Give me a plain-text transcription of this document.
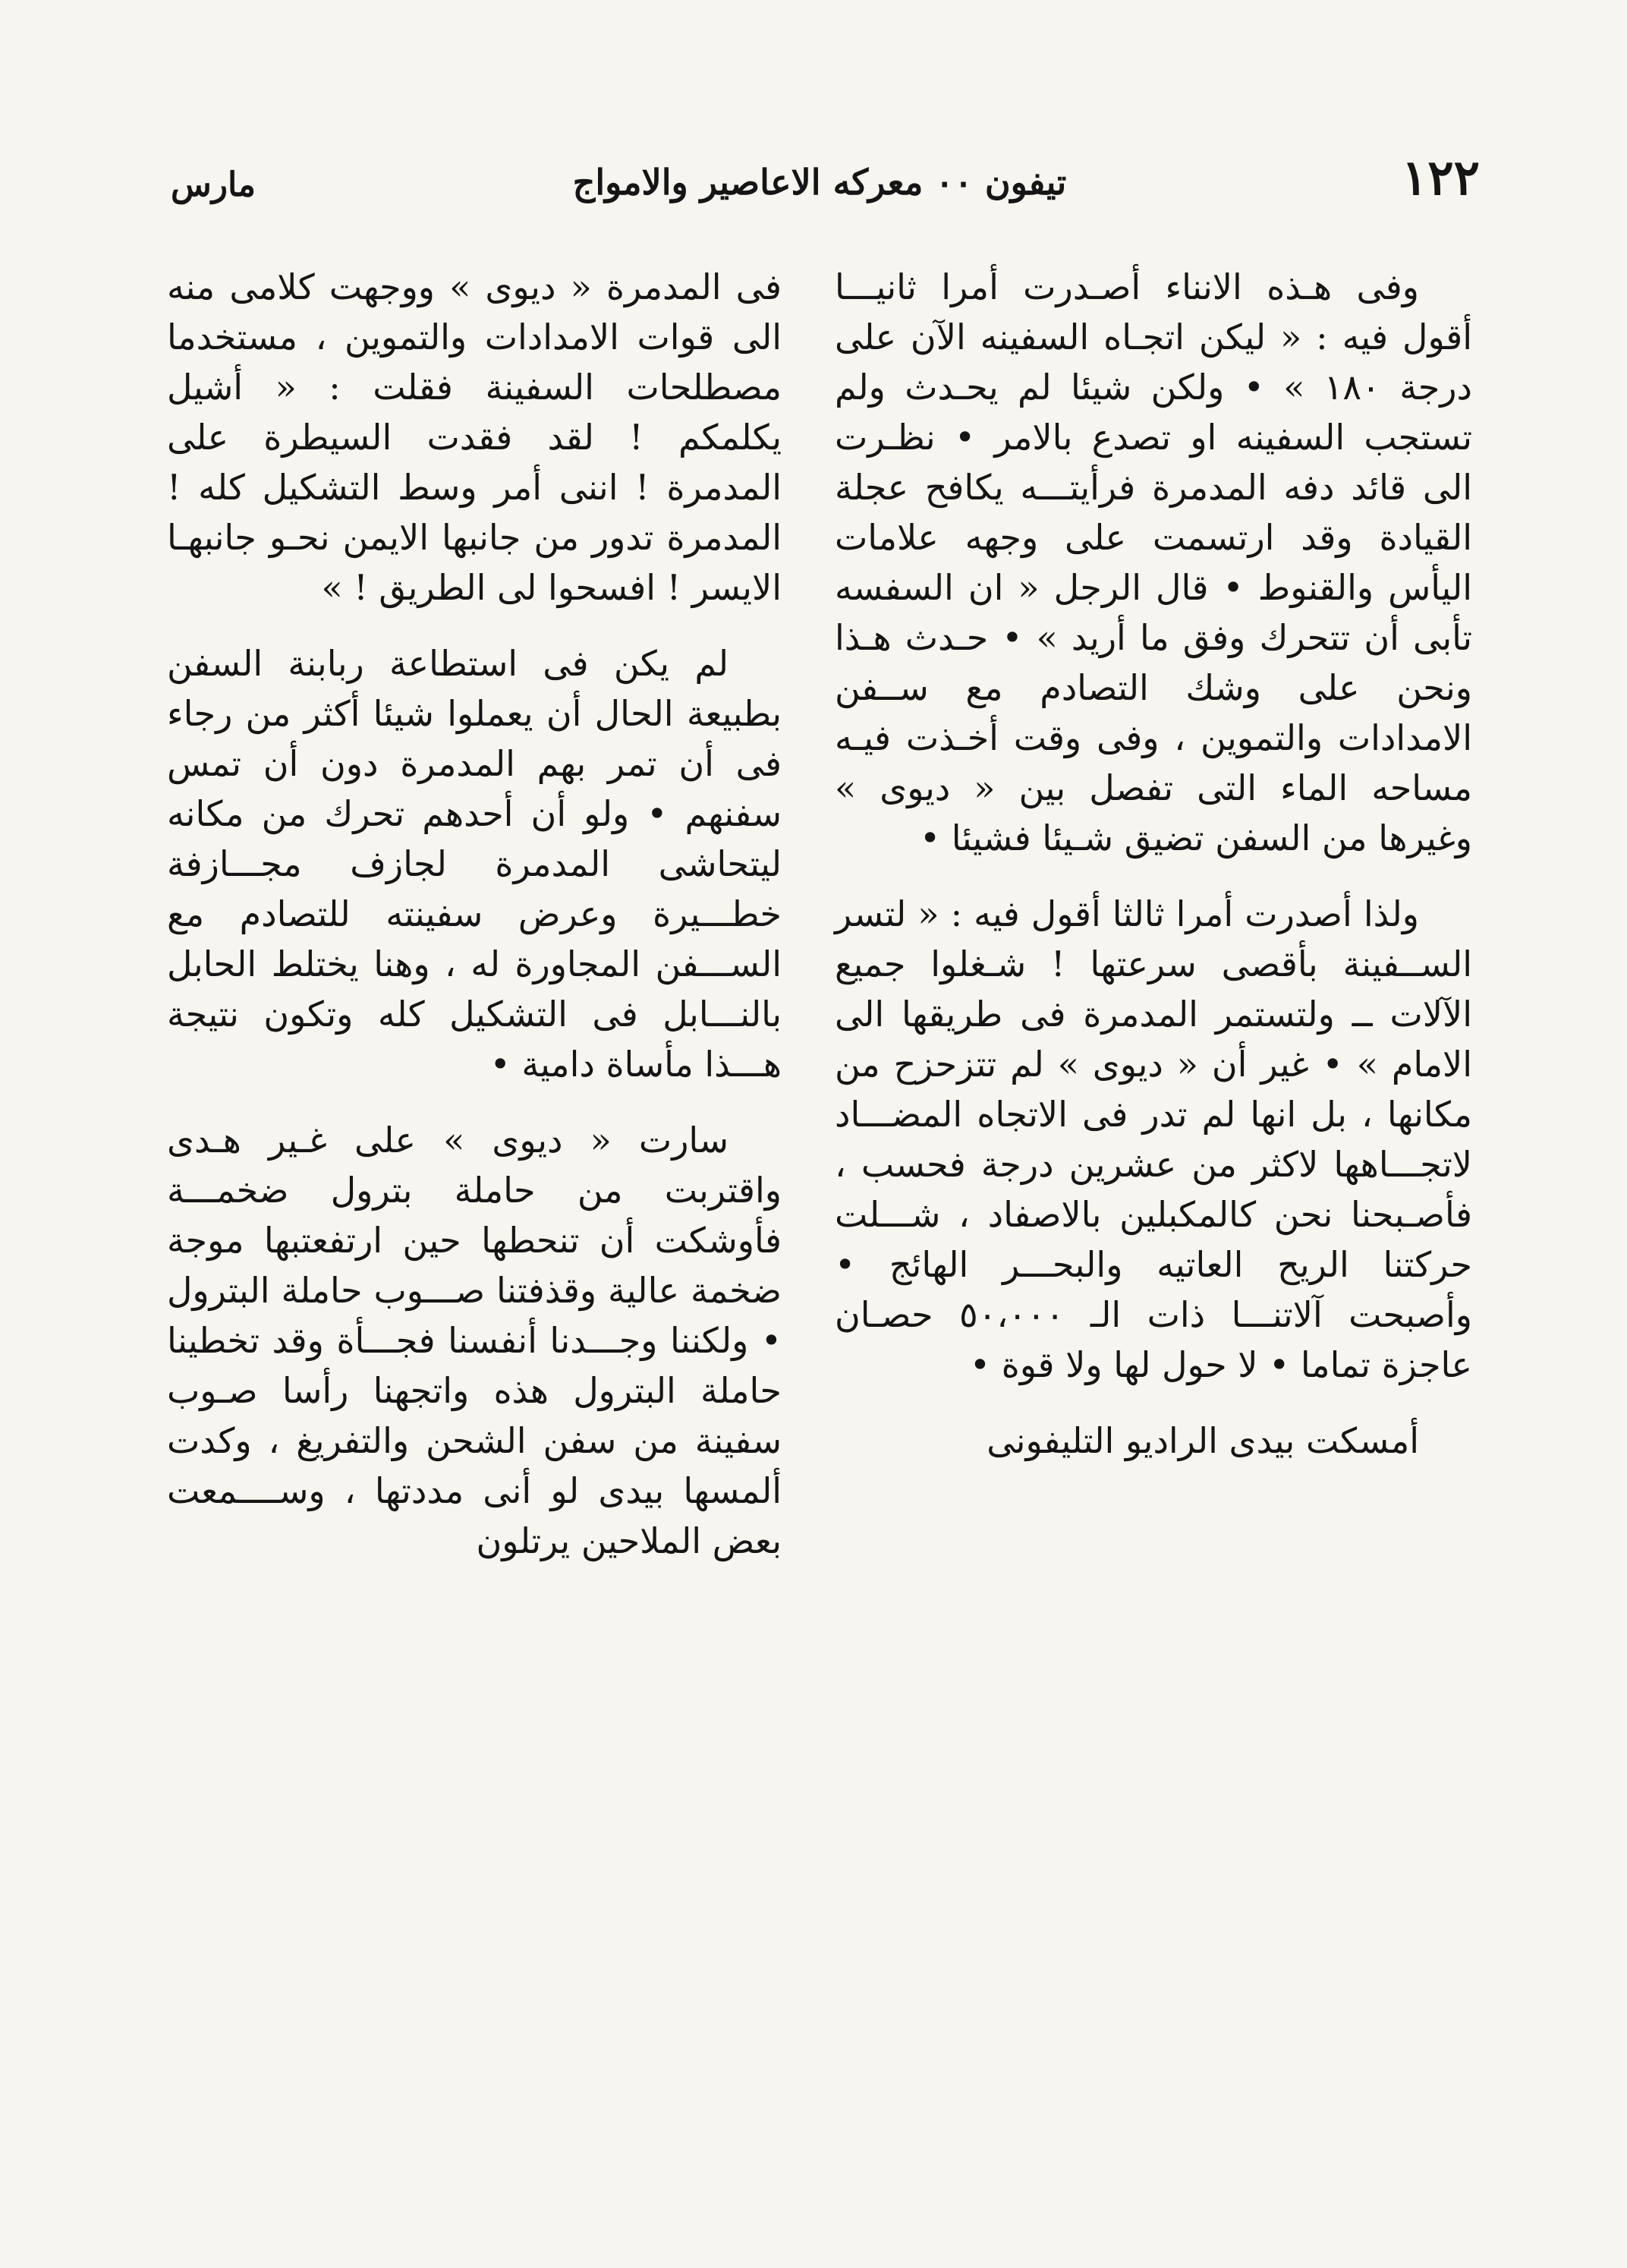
١٢٢
تيفون ٠٠ معركه الاعاصير والامواج
مارس

وفى هـذه الانناء أصـدرت أمرا ثانيـــا أقول فيه : « ليكن اتجـاه السفينه الآن على درجة ١٨٠ » • ولكن شيئا لم يحـدث ولم تستجب السفينه او تصدع بالامر • نظـرت الى قائد دفه المدمرة فرأيتـــه يكافح عجلة القيادة وقد ارتسمت على وجهه علامات اليأس والقنوط • قال الرجل « ان السفسه تأبى أن تتحرك وفق ما أريد » • حـدث هـذا ونحن على وشك التصادم مع ســفن الامدادات والتموين ، وفى وقت أخـذت فيـه مساحه الماء التى تفصل بين « ديوى » وغيرها من السفن تضيق شـيئا فشيئا •

ولذا أصدرت أمرا ثالثا أقول فيه : « لتسر الســفينة بأقصى سرعتها ! شـغلوا جميع الآلات ــ ولتستمر المدمرة فى طريقها الى الامام » • غير أن « ديوى » لم تتزحزح من مكانها ، بل انها لم تدر فى الاتجاه المضـــاد لاتجـــاهها لاكثر من عشرين درجة فحسب ، فأصـبحنا نحن كالمكبلين بالاصفاد ، شـــلت حركتنا الريح العاتيه والبحـــر الهائج • وأصبحت آلاتنـــا ذات الـ ٥٠،٠٠٠ حصـان عاجزة تماما • لا حول لها ولا قوة •

أمسكت بيدى الراديو التليفونى

فى المدمرة « ديوى » ووجهت كلامى منه الى قوات الامدادات والتموين ، مستخدما مصطلحات السفينة فقلت : « أشيل يكلمكم ! لقد فقدت السيطرة على المدمرة ! اننى أمر وسط التشكيل كله ! المدمرة تدور من جانبها الايمن نحـو جانبهـا الايسر ! افسحوا لى الطريق ! »

لم يكن فى استطاعة ربابنة السفن بطبيعة الحال أن يعملوا شيئا أكثر من رجاء فى أن تمر بهم المدمرة دون أن تمس سفنهم • ولو أن أحدهم تحرك من مكانه ليتحاشى المدمرة لجازف مجـــازفة خطـــيرة وعرض سفينته للتصادم مع الســـفن المجاورة له ، وهنا يختلط الحابل بالنـــابل فى التشكيل كله وتكون نتيجة هـــذا مأساة دامية •

سارت « ديوى » على غـير هـدى واقتربت من حاملة بترول ضخمـــة فأوشكت أن تنحطها حين ارتفعتبها موجة ضخمة عالية وقذفتنا صـــوب حاملة البترول • ولكننا وجـــدنا أنفسنا فجـــأة وقد تخطينا حاملة البترول هذه واتجهنا رأسا صـوب سفينة من سفن الشحن والتفريغ ، وكدت ألمسها بيدى لو أنى مددتها ، وســــمعت بعض الملاحين يرتلون
